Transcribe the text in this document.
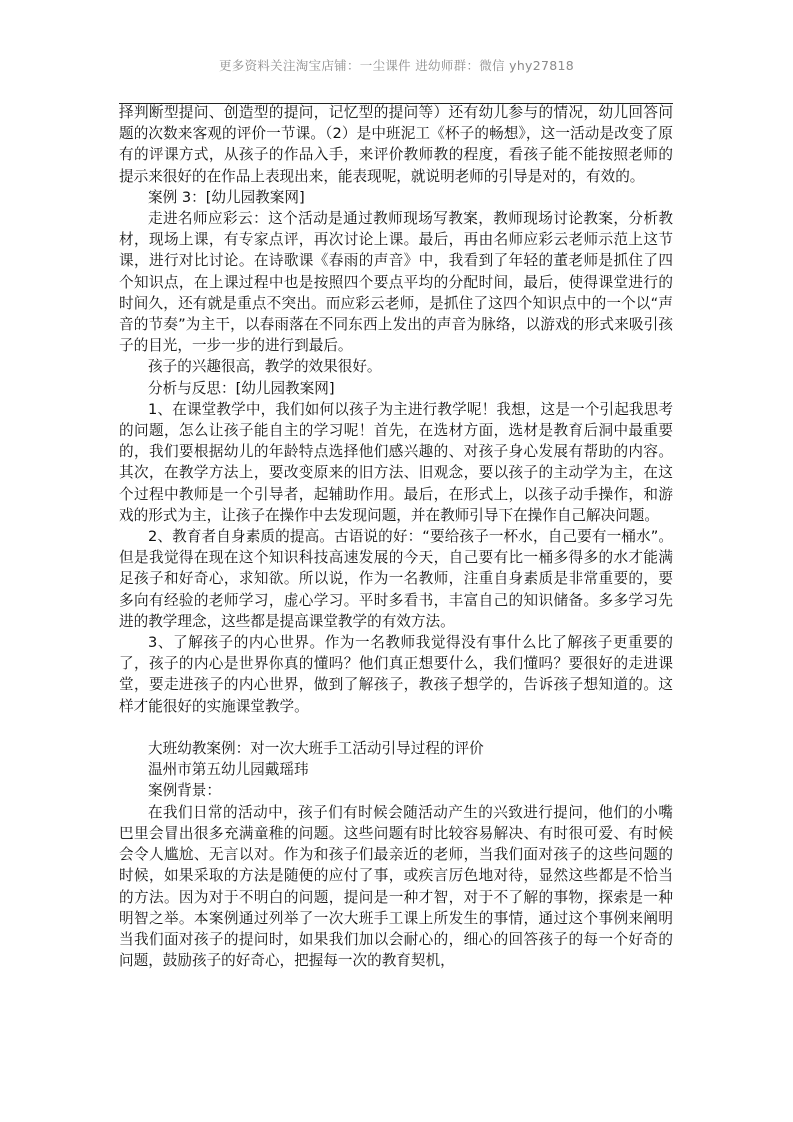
更多资料关注淘宝店铺：一尘课件 进幼师群：微信 yhy27818

择判断型提问、创造型的提问，记忆型的提问等）还有幼儿参与的情况，幼儿回答问题的次数来客观的评价一节课。（2）是中班泥工《杯子的畅想》，这一活动是改变了原有的评课方式，从孩子的作品入手，来评价教师教的程度，看孩子能不能按照老师的提示来很好的在作品上表现出来，能表现呢，就说明老师的引导是对的，有效的。

案例 3：[幼儿园教案网]

走进名师应彩云：这个活动是通过教师现场写教案，教师现场讨论教案，分析教材，现场上课，有专家点评，再次讨论上课。最后，再由名师应彩云老师示范上这节课，进行对比讨论。在诗歌课《春雨的声音》中，我看到了年轻的董老师是抓住了四个知识点，在上课过程中也是按照四个要点平均的分配时间，最后，使得课堂进行的时间久，还有就是重点不突出。而应彩云老师，是抓住了这四个知识点中的一个以“声音的节奏”为主干，以春雨落在不同东西上发出的声音为脉络，以游戏的形式来吸引孩子的目光，一步一步的进行到最后。

孩子的兴趣很高，教学的效果很好。

分析与反思：[幼儿园教案网]

1、在课堂教学中，我们如何以孩子为主进行教学呢！我想，这是一个引起我思考的问题，怎么让孩子能自主的学习呢！首先，在选材方面，选材是教育后洞中最重要的，我们要根据幼儿的年龄特点选择他们感兴趣的、对孩子身心发展有帮助的内容。其次，在教学方法上，要改变原来的旧方法、旧观念，要以孩子的主动学为主，在这个过程中教师是一个引导者，起辅助作用。最后，在形式上，以孩子动手操作，和游戏的形式为主，让孩子在操作中去发现问题，并在教师引导下在操作自己解决问题。

2、教育者自身素质的提高。古语说的好：“要给孩子一杯水，自己要有一桶水”。但是我觉得在现在这个知识科技高速发展的今天，自己要有比一桶多得多的水才能满足孩子和好奇心，求知欲。所以说，作为一名教师，注重自身素质是非常重要的，要多向有经验的老师学习，虚心学习。平时多看书，丰富自己的知识储备。多多学习先进的教学理念，这些都是提高课堂教学的有效方法。

3、了解孩子的内心世界。作为一名教师我觉得没有事什么比了解孩子更重要的了，孩子的内心是世界你真的懂吗？他们真正想要什么，我们懂吗？要很好的走进课堂，要走进孩子的内心世界，做到了解孩子，教孩子想学的，告诉孩子想知道的。这样才能很好的实施课堂教学。

大班幼教案例：对一次大班手工活动引导过程的评价

温州市第五幼儿园戴瑶玮

案例背景：

在我们日常的活动中，孩子们有时候会随活动产生的兴致进行提问，他们的小嘴巴里会冒出很多充满童稚的问题。这些问题有时比较容易解决、有时很可爱、有时候会令人尴尬、无言以对。作为和孩子们最亲近的老师，当我们面对孩子的这些问题的时候，如果采取的方法是随便的应付了事，或疾言厉色地对待，显然这些都是不恰当的方法。因为对于不明白的问题，提问是一种才智，对于不了解的事物，探索是一种明智之举。本案例通过列举了一次大班手工课上所发生的事情，通过这个事例来阐明当我们面对孩子的提问时，如果我们加以会耐心的，细心的回答孩子的每一个好奇的问题，鼓励孩子的好奇心，把握每一次的教育契机，
